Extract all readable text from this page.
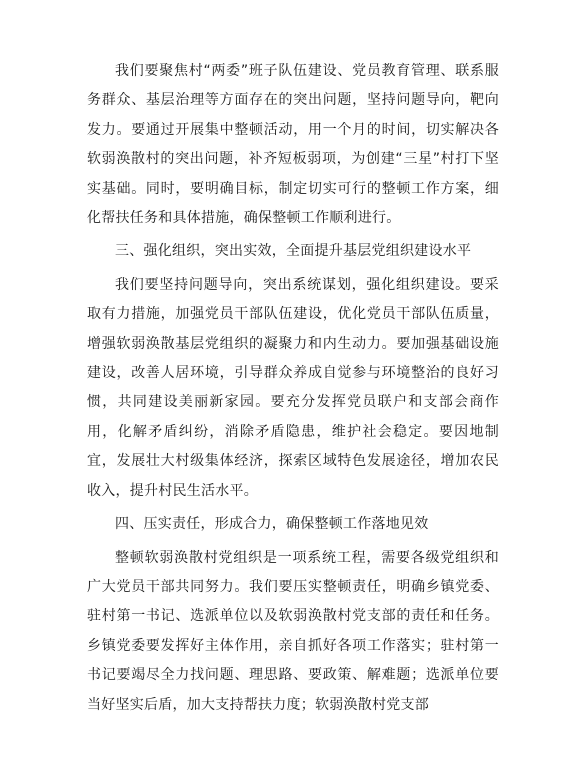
我们要聚焦村“两委”班子队伍建设、党员教育管理、联系服务群众、基层治理等方面存在的突出问题，坚持问题导向，靶向发力。要通过开展集中整顿活动，用一个月的时间，切实解决各软弱涣散村的突出问题，补齐短板弱项，为创建“三星”村打下坚实基础。同时，要明确目标，制定切实可行的整顿工作方案，细化帮扶任务和具体措施，确保整顿工作顺利进行。

三、强化组织，突出实效，全面提升基层党组织建设水平

我们要坚持问题导向，突出系统谋划，强化组织建设。要采取有力措施，加强党员干部队伍建设，优化党员干部队伍质量，增强软弱涣散基层党组织的凝聚力和内生动力。要加强基础设施建设，改善人居环境，引导群众养成自觉参与环境整治的良好习惯，共同建设美丽新家园。要充分发挥党员联户和支部会商作用，化解矛盾纠纷，消除矛盾隐患，维护社会稳定。要因地制宜，发展壮大村级集体经济，探索区域特色发展途径，增加农民收入，提升村民生活水平。

四、压实责任，形成合力，确保整顿工作落地见效

整顿软弱涣散村党组织是一项系统工程，需要各级党组织和广大党员干部共同努力。我们要压实整顿责任，明确乡镇党委、驻村第一书记、选派单位以及软弱涣散村党支部的责任和任务。乡镇党委要发挥好主体作用，亲自抓好各项工作落实；驻村第一书记要竭尽全力找问题、理思路、要政策、解难题；选派单位要当好坚实后盾，加大支持帮扶力度；软弱涣散村党支部
